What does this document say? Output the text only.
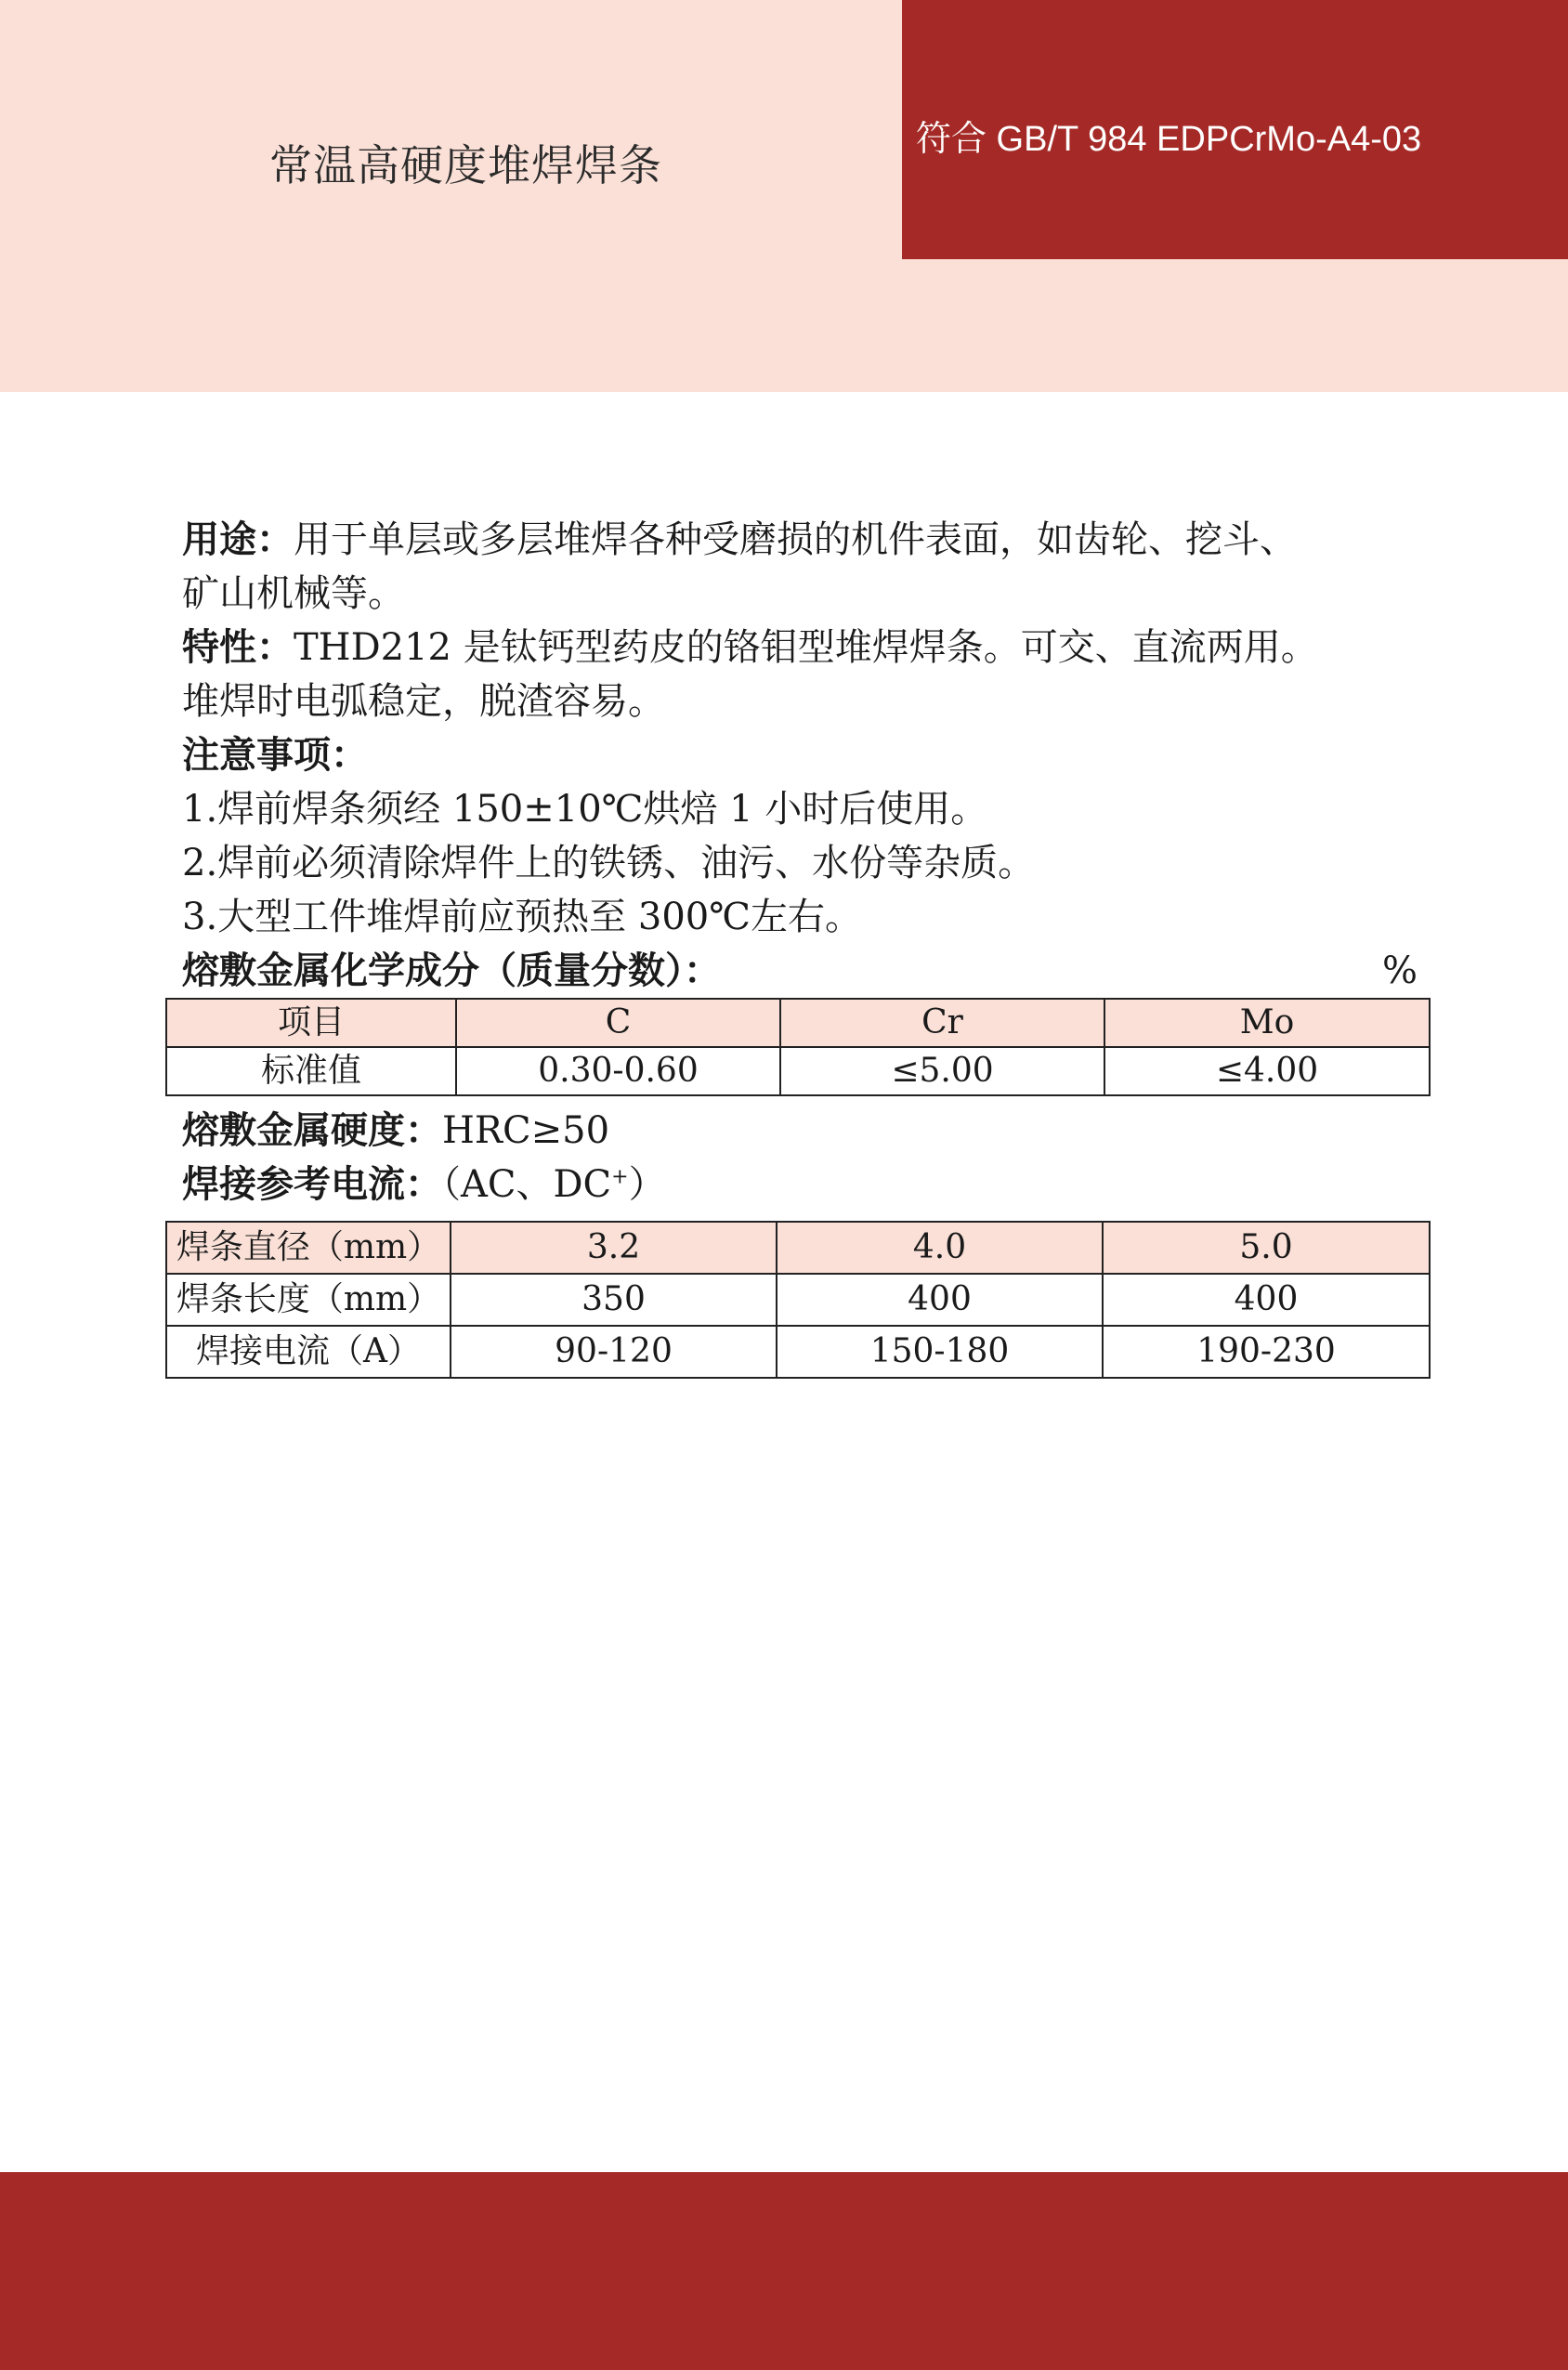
常温高硬度堆焊焊条
符合 GB/T 984 EDPCrMo-A4-03

用途：用于单层或多层堆焊各种受磨损的机件表面，如齿轮、挖斗、

矿山机械等。

特性：THD212 是钛钙型药皮的铬钼型堆焊焊条。可交、直流两用。

堆焊时电弧稳定，脱渣容易。

注意事项：

1.焊前焊条须经 150±10℃烘焙 1 小时后使用。

2.焊前必须清除焊件上的铁锈、油污、水份等杂质。

3.大型工件堆焊前应预热至 300℃左右。

熔敷金属化学成分（质量分数）：	%
项目	C	Cr	Mo
标准值	0.30-0.60	≤5.00	≤4.00

熔敷金属硬度：HRC≥50

焊接参考电流：（AC、DC+）

焊条直径（mm）	3.2	4.0	5.0
焊条长度（mm）	350	400	400
焊接电流（A）	90-120	150-180	190-230
